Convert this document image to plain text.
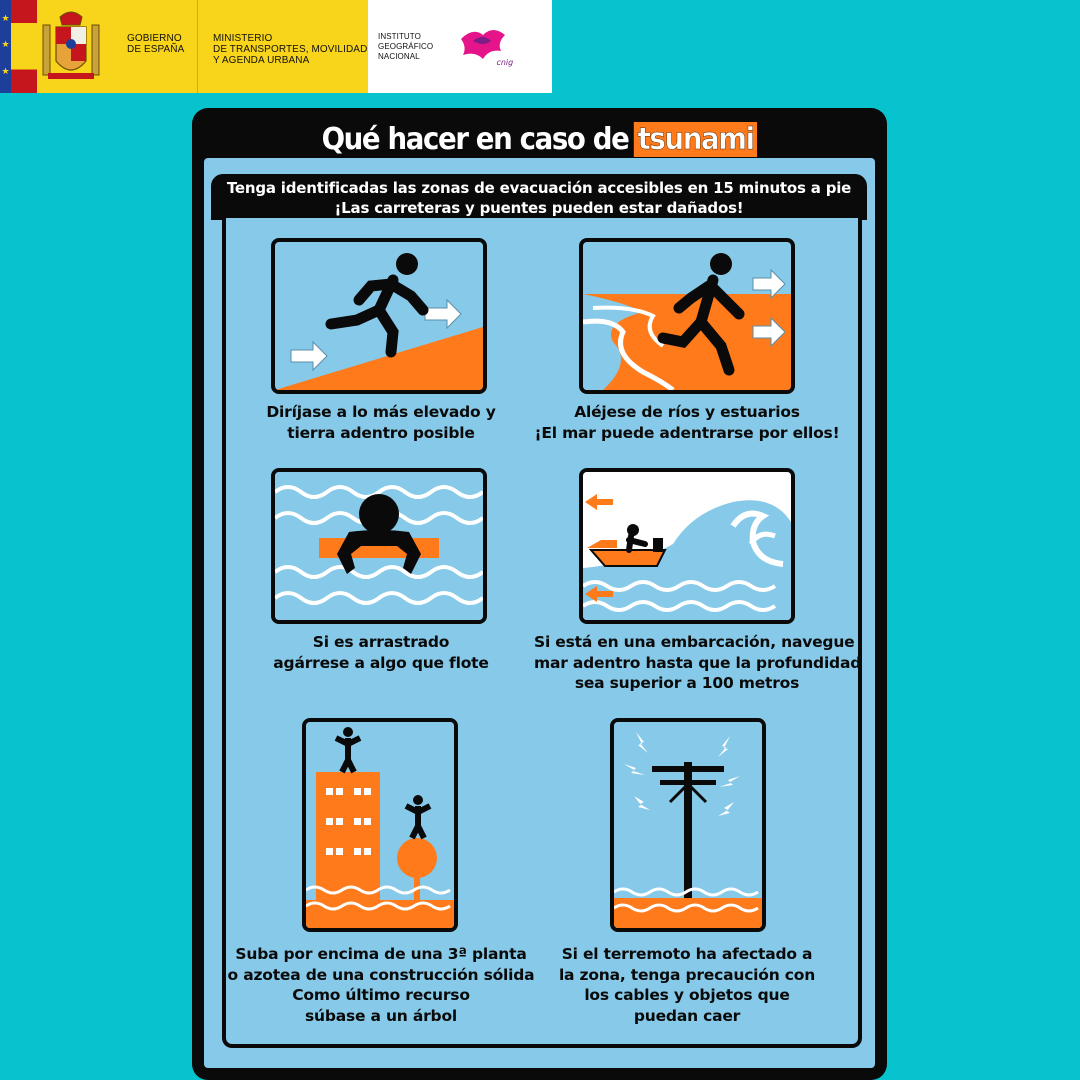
★
★
★
GOBIERNO
DE ESPAÑA
MINISTERIO
DE TRANSPORTES, MOVILIDAD
Y AGENDA URBANA
INSTITUTO
GEOGRÁFICO
NACIONAL
cnig
Qué hacer en caso de tsunami
Tenga identificadas las zonas de evacuación accesibles en 15 minutos a pie
¡Las carreteras y puentes pueden estar dañados!
Diríjase a lo más elevado y
tierra adentro posible
Aléjese de ríos y estuarios
¡El mar puede adentrarse por ellos!
Si es arrastrado
agárrese a algo que flote
Si está en una embarcación, navegue
mar adentro hasta que la profundidad
sea superior a 100 metros
Suba por encima de una 3ª planta
o azotea de una construcción sólida
Como último recurso
súbase a un árbol
Si el terremoto ha afectado a
la zona, tenga precaución con
los cables y objetos que
puedan caer
